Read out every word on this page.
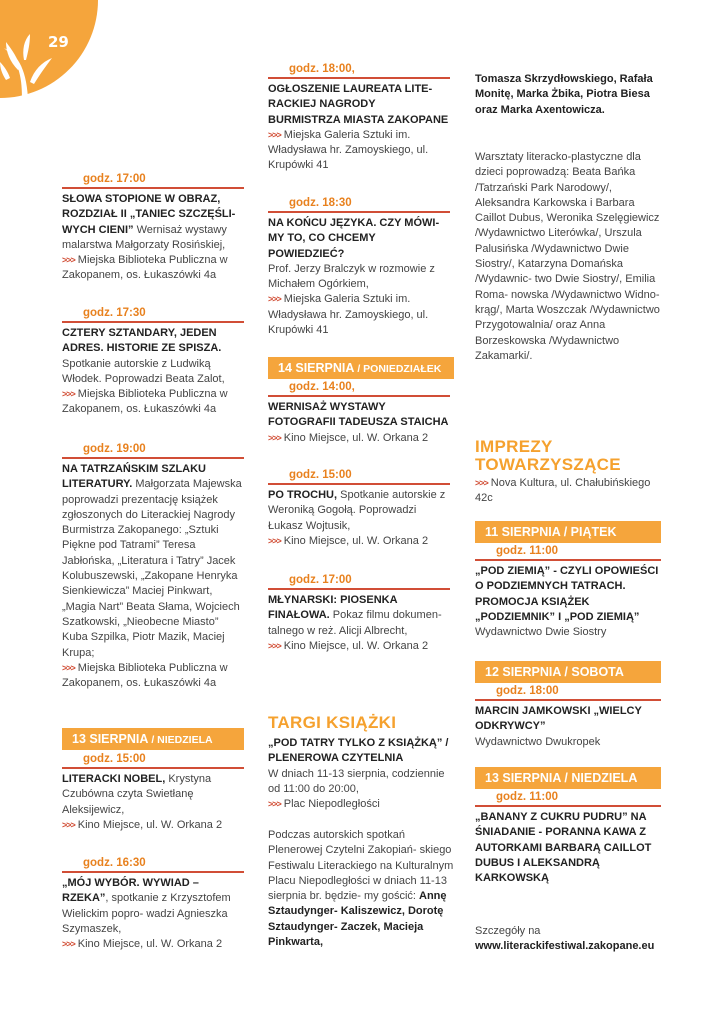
29
godz. 17:00
SŁOWA STOPIONE W OBRAZ, ROZDZIAŁ II „TANIEC SZCZĘŚLI- WYCH CIENI” Wernisaż wystawy malarstwa Małgorzaty Rosińskiej,
>>> Miejska Biblioteka Publiczna w Zakopanem, os. Łukaszówki 4a
godz. 17:30
CZTERY SZTANDARY, JEDEN ADRES. HISTORIE ZE SPISZA.
Spotkanie autorskie z Ludwiką Włodek. Poprowadzi Beata Zalot,
>>> Miejska Biblioteka Publiczna w Zakopanem, os. Łukaszówki 4a
godz. 19:00
NA TATRZAŃSKIM SZLAKU LITERATURY. Małgorzata Majewska poprowadzi prezentację książek zgłoszonych do Literackiej Nagrody Burmistrza Zakopanego: „Sztuki Piękne pod Tatrami” Teresa Jabłońska, „Literatura i Tatry” Jacek Kolubuszewski, „Zakopane Henryka Sienkiewicza” Maciej Pinkwart, „Magia Nart” Beata Słama, Wojciech Szatkowski, „Nieobecne Miasto” Kuba Szpilka, Piotr Mazik, Maciej Krupa;
>>> Miejska Biblioteka Publiczna w Zakopanem, os. Łukaszówki 4a
13 SIERPNIA / NIEDZIELA
godz. 15:00
LITERACKI NOBEL, Krystyna Czubówna czyta Swietłanę Aleksijewicz,
>>> Kino Miejsce, ul. W. Orkana 2
godz. 16:30
„MÓJ WYBÓR. WYWIAD – RZEKA”, spotkanie z Krzysztofem Wielickim popro- wadzi Agnieszka Szymaszek,
>>> Kino Miejsce, ul. W. Orkana 2
godz. 18:00,
OGŁOSZENIE LAUREATA LITE- RACKIEJ NAGRODY BURMISTRZA MIASTA ZAKOPANE
>>> Miejska Galeria Sztuki im. Władysława hr. Zamoyskiego, ul. Krupówki 41
godz. 18:30
NA KOŃCU JĘZYKA. CZY MÓWI- MY TO, CO CHCEMY POWIEDZIEĆ?
Prof. Jerzy Bralczyk w rozmowie z Michałem Ogórkiem,
>>> Miejska Galeria Sztuki im. Władysława hr. Zamoyskiego, ul. Krupówki 41
14 SIERPNIA / PONIEDZIAŁEK
godz. 14:00,
WERNISAŻ WYSTAWY FOTOGRAFII TADEUSZA STAICHA
>>> Kino Miejsce, ul. W. Orkana 2
godz. 15:00
PO TROCHU, Spotkanie autorskie z Weroniką Gogołą. Poprowadzi Łukasz Wojtusik,
>>> Kino Miejsce, ul. W. Orkana 2
godz. 17:00
MŁYNARSKI: PIOSENKA FINAŁOWA. Pokaz filmu dokumen- talnego w reż. Alicji Albrecht,
>>> Kino Miejsce, ul. W. Orkana 2
TARGI KSIĄŻKI
„POD TATRY TYLKO Z KSIĄŻKĄ” / PLENEROWA CZYTELNIA
W dniach 11-13 sierpnia, codziennie od 11:00 do 20:00,
>>> Plac Niepodległości
Podczas autorskich spotkań Plenerowej Czytelni Zakopiań- skiego Festiwalu Literackiego na Kulturalnym Placu Niepodległości w dniach 11-13 sierpnia br. będzie- my gościć: Annę Sztaudynger- Kaliszewicz, Dorotę Sztaudynger- Zaczek, Macieja Pinkwarta,
Tomasza Skrzydłowskiego, Rafała Monitę, Marka Żbika, Piotra Biesa oraz Marka Axentowicza.
Warsztaty literacko-plastyczne dla dzieci poprowadzą: Beata Bańka /Tatrzański Park Narodowy/, Aleksandra Karkowska i Barbara Caillot Dubus, Weronika Szelęgiewicz /Wydawnictwo Literówka/, Urszula Palusińska /Wydawnictwo Dwie Siostry/, Katarzyna Domańska /Wydawnic- two Dwie Siostry/, Emilia Roma- nowska /Wydawnictwo Widno- krąg/, Marta Woszczak /Wydawnictwo Przygotowalnia/ oraz Anna Borzeskowska /Wydawnictwo Zakamarki/.
IMPREZY TOWARZYSZĄCE
>>> Nova Kultura, ul. Chałubińskiego 42c
11 SIERPNIA / PIĄTEK
godz. 11:00
„POD ZIEMIĄ” - CZYLI OPOWIEŚCI O PODZIEMNYCH TATRACH. PROMOCJA KSIĄŻEK „PODZIEMNIK” I „POD ZIEMIĄ”
Wydawnictwo Dwie Siostry
12 SIERPNIA / SOBOTA
godz. 18:00
MARCIN JAMKOWSKI „WIELCY ODKRYWCY”
Wydawnictwo Dwukropek
13 SIERPNIA / NIEDZIELA
godz. 11:00
„BANANY Z CUKRU PUDRU” NA ŚNIADANIE - PORANNA KAWA Z AUTORKAMI BARBARĄ CAILLOT DUBUS I ALEKSANDRĄ KARKOWSKĄ
Szczegóły na
www.literackifestiwal.zakopane.eu
